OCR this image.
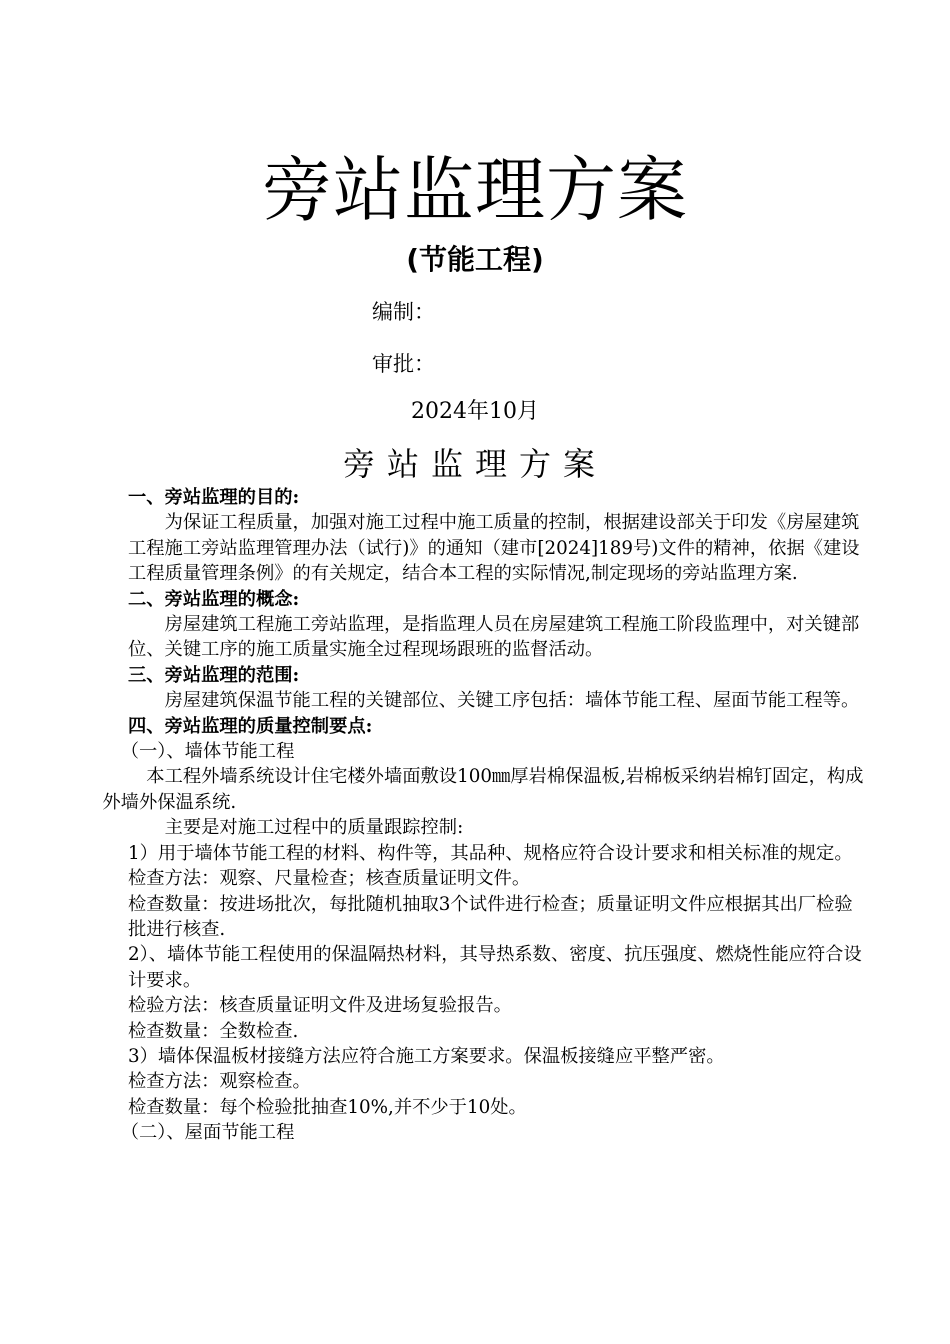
旁站监理方案
(节能工程)
编制：
审批：
2024年10月
旁站监理方案

一、旁站监理的目的:

为保证工程质量，加强对施工过程中施工质量的控制，根据建设部关于印发《房屋建筑工程施工旁站监理管理办法（试行)》的通知（建市[2024]189号)文件的精神，依据《建设工程质量管理条例》的有关规定，结合本工程的实际情况,制定现场的旁站监理方案.

二、旁站监理的概念:

房屋建筑工程施工旁站监理，是指监理人员在房屋建筑工程施工阶段监理中，对关键部位、关键工序的施工质量实施全过程现场跟班的监督活动。

三、旁站监理的范围:

房屋建筑保温节能工程的关键部位、关键工序包括：墙体节能工程、屋面节能工程等。

四、旁站监理的质量控制要点:

（一）、墙体节能工程

本工程外墙系统设计住宅楼外墙面敷设100㎜厚岩棉保温板,岩棉板采纳岩棉钉固定，构成外墙外保温系统.

主要是对施工过程中的质量跟踪控制:

1）用于墙体节能工程的材料、构件等，其品种、规格应符合设计要求和相关标准的规定。

检查方法：观察、尺量检查；核查质量证明文件。

检查数量：按进场批次，每批随机抽取3个试件进行检查；质量证明文件应根据其出厂检验批进行核查.

2）、墙体节能工程使用的保温隔热材料，其导热系数、密度、抗压强度、燃烧性能应符合设计要求。

检验方法：核查质量证明文件及进场复验报告。

检查数量：全数检查.

3）墙体保温板材接缝方法应符合施工方案要求。保温板接缝应平整严密。

检查方法：观察检查。

检查数量：每个检验批抽查10%,并不少于10处。

（二）、屋面节能工程
